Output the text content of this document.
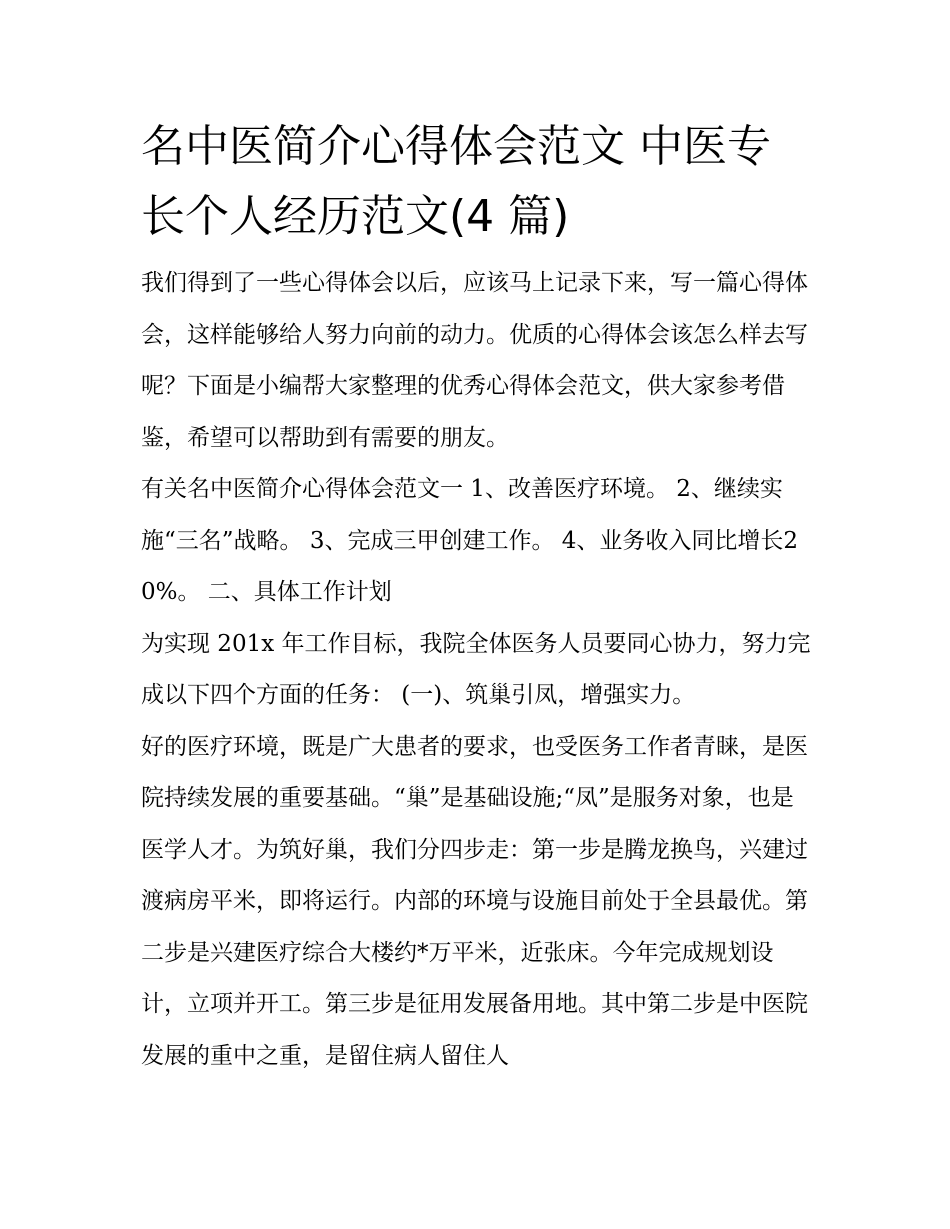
名中医简介心得体会范文 中医专长个人经历范文(4 篇)

我们得到了一些心得体会以后，应该马上记录下来，写一篇心得体会，这样能够给人努力向前的动力。优质的心得体会该怎么样去写呢？下面是小编帮大家整理的优秀心得体会范文，供大家参考借鉴，希望可以帮助到有需要的朋友。

有关名中医简介心得体会范文一 1、改善医疗环境。 2、继续实施“三名”战略。 3、完成三甲创建工作。 4、业务收入同比增长20%。 二、具体工作计划

为实现 201x 年工作目标，我院全体医务人员要同心协力，努力完成以下四个方面的任务： (一)、筑巢引凤，增强实力。

好的医疗环境，既是广大患者的要求，也受医务工作者青睐，是医院持续发展的重要基础。“巢”是基础设施;“凤”是服务对象，也是医学人才。为筑好巢，我们分四步走：第一步是腾龙换鸟，兴建过渡病房平米，即将运行。内部的环境与设施目前处于全县最优。第二步是兴建医疗综合大楼约*万平米，近张床。今年完成规划设计，立项并开工。第三步是征用发展备用地。其中第二步是中医院发展的重中之重，是留住病人留住人
